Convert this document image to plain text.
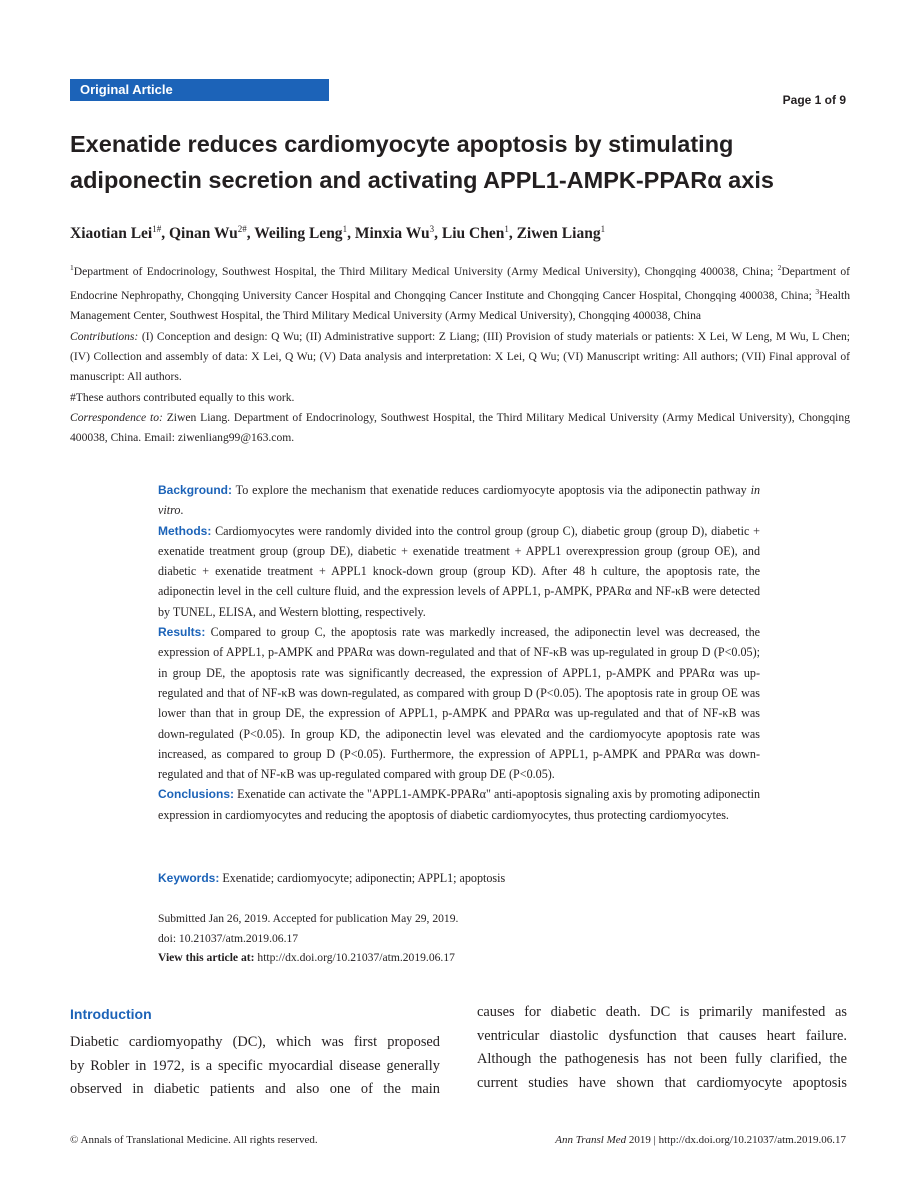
Original Article
Page 1 of 9
Exenatide reduces cardiomyocyte apoptosis by stimulating
adiponectin secretion and activating APPL1-AMPK-PPARα axis
Xiaotian Lei$^{1\#}$, Qinan $Wu^{2\#}$, Weiling Leng$^1$, Minxia Wu$^3$, Liu Chen$^1$, Ziwen Liang$^1$

$^1$Department of Endocrinology, Southwest Hospital, the Third Military Medical University (Army Medical University), Chongqing 400038, China; $^2$Department of Endocrine Nephropathy, Chongqing University Cancer Hospital and Chongqing Cancer Institute and Chongqing Cancer Hospital, Chongqing 400038, China; $^3$Health Management Center, Southwest Hospital, the Third Military Medical University (Army Medical University), Chongqing 400038, China

Contributions: (I) Conception and design: Q Wu; (II) Administrative support: Z Liang; (III) Provision of study materials or patients: X Lei, W Leng, M Wu, L Chen; (IV) Collection and assembly of data: X Lei, Q Wu; (V) Data analysis and interpretation: X Lei, Q Wu; (VI) Manuscript writing: All authors; (VII) Final approval of manuscript: All authors.

#These authors contributed equally to this work.

Correspondence to: Ziwen Liang. Department of Endocrinology, Southwest Hospital, the Third Military Medical University (Army Medical University), Chongqing 400038, China. Email: ziwenliang99@163.com.

Background: To explore the mechanism that exenatide reduces cardiomyocyte apoptosis via the adiponectin pathway in vitro.

Methods: Cardiomyocytes were randomly divided into the control group (group C), diabetic group (group D), diabetic + exenatide treatment group (group DE), diabetic + exenatide treatment + APPL1 overexpression group (group OE), and diabetic + exenatide treatment + APPL1 knock-down group (group KD). After 48 h culture, the apoptosis rate, the adiponectin level in the cell culture fluid, and the expression levels of APPL1, p-AMPK, PPARα and NF-κB were detected by TUNEL, ELISA, and Western blotting, respectively.

Results: Compared to group C, the apoptosis rate was markedly increased, the adiponectin level was decreased, the expression of APPL1, p-AMPK and PPARα was down-regulated and that of NF-κB was up-regulated in group D (P<0.05); in group DE, the apoptosis rate was significantly decreased, the expression of APPL1, p-AMPK and PPARα was up-regulated and that of NF-κB was down-regulated, as compared with group D (P<0.05). The apoptosis rate in group OE was lower than that in group DE, the expression of APPL1, p-AMPK and PPARα was up-regulated and that of NF-κB was down-regulated (P<0.05). In group KD, the adiponectin level was elevated and the cardiomyocyte apoptosis rate was increased, as compared to group D (P<0.05). Furthermore, the expression of APPL1, p-AMPK and PPARα was down-regulated and that of NF-κB was up-regulated compared with group DE (P<0.05).

Conclusions: Exenatide can activate the "APPL1-AMPK-PPARα" anti-apoptosis signaling axis by promoting adiponectin expression in cardiomyocytes and reducing the apoptosis of diabetic cardiomyocytes, thus protecting cardiomyocytes.

Keywords: Exenatide; cardiomyocyte; adiponectin; APPL1; apoptosis

Submitted Jan 26, 2019. Accepted for publication May 29, 2019.

doi: 10.21037/atm.2019.06.17

View this article at: http://dx.doi.org/10.21037/atm.2019.06.17

Introduction
Diabetic cardiomyopathy (DC), which was first proposed
by Robler in 1972, is a specific myocardial disease generally
observed in diabetic patients and also one of the main
causes for diabetic death. DC is primarily manifested as
ventricular diastolic dysfunction that causes heart failure.
Although the pathogenesis has not been fully clarified, the
current studies have shown that cardiomyocyte apoptosis
© Annals of Translational Medicine. All rights reserved.	Ann Transl Med 2019 | http://dx.doi.org/10.21037/atm.2019.06.17
